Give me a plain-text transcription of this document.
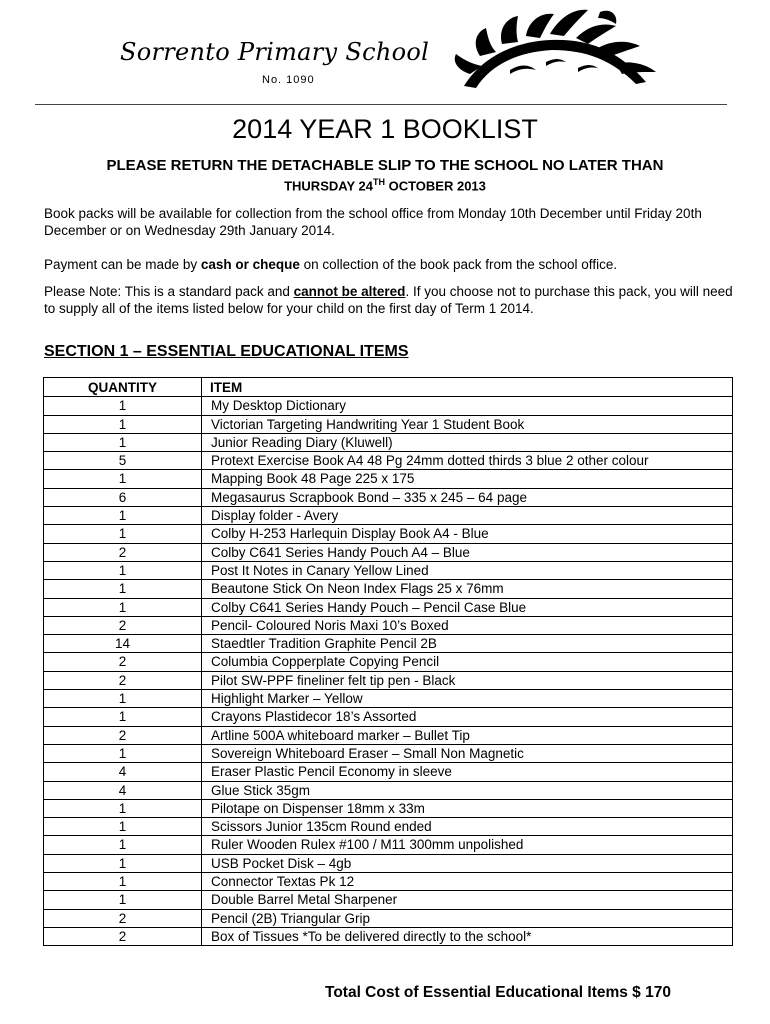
Sorrento Primary School
No. 1090
2014 YEAR 1 BOOKLIST
PLEASE RETURN THE DETACHABLE SLIP TO THE SCHOOL NO LATER THAN
THURSDAY 24TH OCTOBER 2013
Book packs will be available for collection from the school office from Monday 10th December until Friday 20th December or on Wednesday 29th January 2014.
Payment can be made by cash or cheque on collection of the book pack from the school office.
Please Note: This is a standard pack and cannot be altered. If you choose not to purchase this pack, you will need to supply all of the items listed below for your child on the first day of Term 1 2014.
SECTION 1 – ESSENTIAL EDUCATIONAL ITEMS
QUANTITY	ITEM
1	My Desktop Dictionary
1	Victorian Targeting Handwriting Year 1 Student Book
1	Junior Reading Diary (Kluwell)
5	Protext Exercise Book A4 48 Pg 24mm dotted thirds 3 blue 2 other colour
1	Mapping Book 48 Page 225 x 175
6	Megasaurus Scrapbook Bond – 335 x 245 – 64 page
1	Display folder - Avery
1	Colby H-253 Harlequin Display Book A4 - Blue
2	Colby C641 Series Handy Pouch A4 – Blue
1	Post It Notes in Canary Yellow Lined
1	Beautone Stick On Neon Index Flags 25 x 76mm
1	Colby C641 Series Handy Pouch – Pencil Case Blue
2	Pencil- Coloured Noris Maxi 10’s Boxed
14	Staedtler Tradition Graphite Pencil 2B
2	Columbia Copperplate Copying Pencil
2	Pilot SW-PPF fineliner felt tip pen - Black
1	Highlight Marker – Yellow
1	Crayons Plastidecor 18’s Assorted
2	Artline 500A whiteboard marker – Bullet Tip
1	Sovereign Whiteboard Eraser – Small Non Magnetic
4	Eraser Plastic Pencil Economy in sleeve
4	Glue Stick 35gm
1	Pilotape on Dispenser 18mm x 33m
1	Scissors Junior 135cm Round ended
1	Ruler Wooden Rulex #100 / M11 300mm unpolished
1	USB Pocket Disk – 4gb
1	Connector Textas Pk 12
1	Double Barrel Metal Sharpener
2	Pencil (2B) Triangular Grip
2	Box of Tissues *To be delivered directly to the school*
Total Cost of Essential Educational Items $ 170
